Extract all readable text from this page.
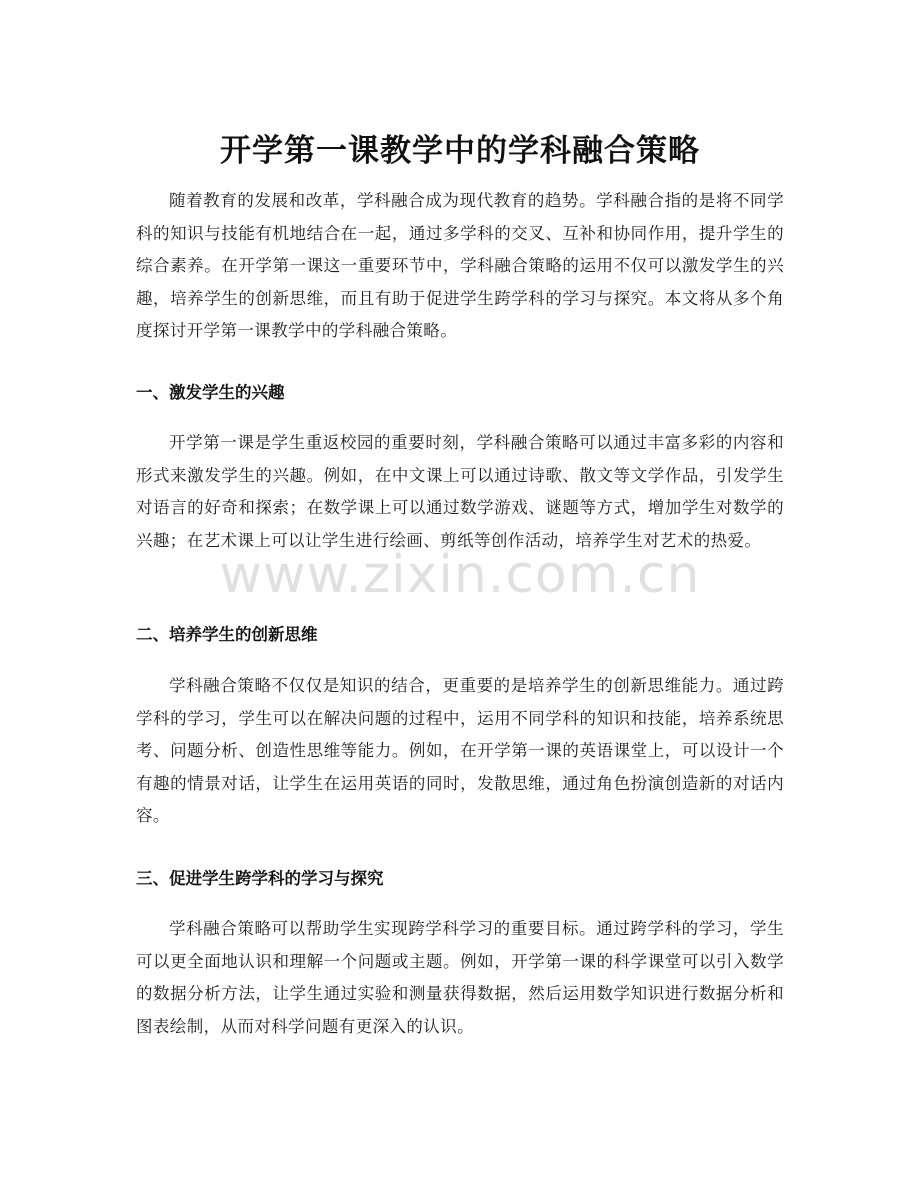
开学第一课教学中的学科融合策略

随着教育的发展和改革，学科融合成为现代教育的趋势。学科融合指的是将不同学科的知识与技能有机地结合在一起，通过多学科的交叉、互补和协同作用，提升学生的综合素养。在开学第一课这一重要环节中，学科融合策略的运用不仅可以激发学生的兴趣，培养学生的创新思维，而且有助于促进学生跨学科的学习与探究。本文将从多个角度探讨开学第一课教学中的学科融合策略。

一、激发学生的兴趣

开学第一课是学生重返校园的重要时刻，学科融合策略可以通过丰富多彩的内容和形式来激发学生的兴趣。例如，在中文课上可以通过诗歌、散文等文学作品，引发学生对语言的好奇和探索；在数学课上可以通过数学游戏、谜题等方式，增加学生对数学的兴趣；在艺术课上可以让学生进行绘画、剪纸等创作活动，培养学生对艺术的热爱。

二、培养学生的创新思维

学科融合策略不仅仅是知识的结合，更重要的是培养学生的创新思维能力。通过跨学科的学习，学生可以在解决问题的过程中，运用不同学科的知识和技能，培养系统思考、问题分析、创造性思维等能力。例如，在开学第一课的英语课堂上，可以设计一个有趣的情景对话，让学生在运用英语的同时，发散思维，通过角色扮演创造新的对话内容。

三、促进学生跨学科的学习与探究

学科融合策略可以帮助学生实现跨学科学习的重要目标。通过跨学科的学习，学生可以更全面地认识和理解一个问题或主题。例如，开学第一课的科学课堂可以引入数学的数据分析方法，让学生通过实验和测量获得数据，然后运用数学知识进行数据分析和图表绘制，从而对科学问题有更深入的认识。

www.zixin.com.cn
